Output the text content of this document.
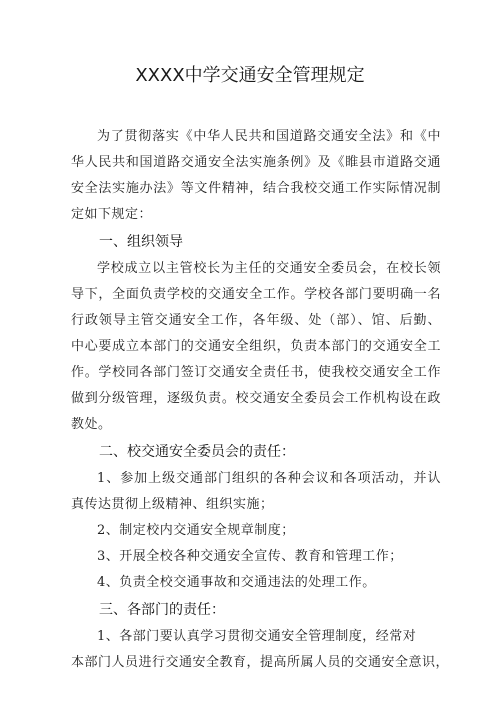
XXXX中学交通安全管理规定

为了贯彻落实《中华人民共和国道路交通安全法》和《中华人民共和国道路交通安全法实施条例》及《睢县市道路交通安全法实施办法》等文件精神，结合我校交通工作实际情况制定如下规定：

一、组织领导

学校成立以主管校长为主任的交通安全委员会，在校长领导下，全面负责学校的交通安全工作。学校各部门要明确一名行政领导主管交通安全工作，各年级、处（部）、馆、后勤、中心要成立本部门的交通安全组织，负责本部门的交通安全工作。学校同各部门签订交通安全责任书，使我校交通安全工作做到分级管理，逐级负责。校交通安全委员会工作机构设在政教处。

二、校交通安全委员会的责任：

1、参加上级交通部门组织的各种会议和各项活动，并认真传达贯彻上级精神、组织实施；

2、制定校内交通安全规章制度；

3、开展全校各种交通安全宣传、教育和管理工作；

4、负责全校交通事故和交通违法的处理工作。

三、各部门的责任：

1、各部门要认真学习贯彻交通安全管理制度，经常对

本部门人员进行交通安全教育，提高所属人员的交通安全意识，
